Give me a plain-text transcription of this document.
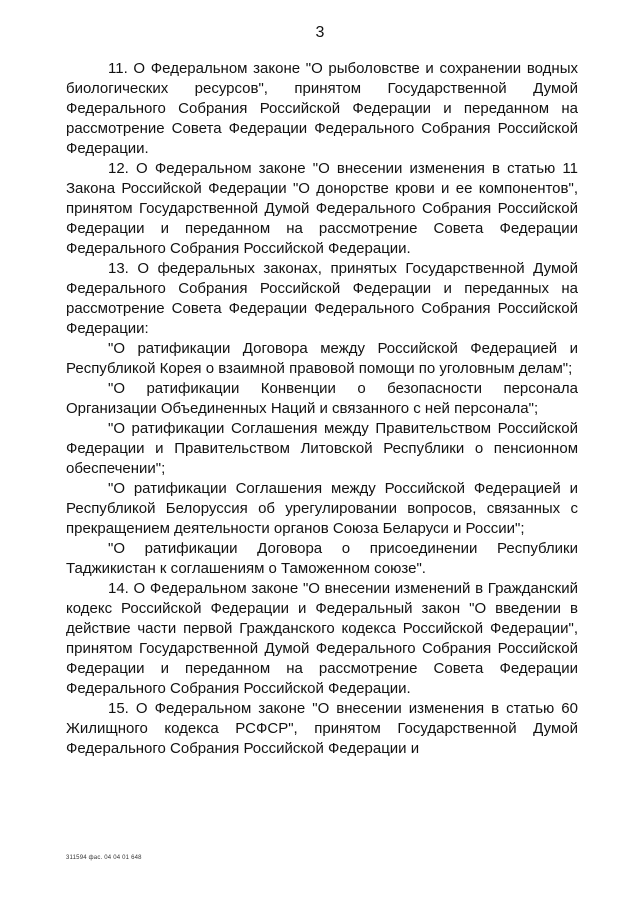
3

11. О Федеральном законе "О рыболовстве и сохранении водных биологических ресурсов", принятом Государственной Думой Федерального Собрания Российской Федерации и переданном на рассмотрение Совета Федерации Федерального Собрания Российской Федерации.

12. О Федеральном законе "О внесении изменения в статью 11 Закона Российской Федерации "О донорстве крови и ее компонентов", принятом Государственной Думой Федерального Собрания Российской Федерации и переданном на рассмотрение Совета Федерации Федерального Собрания Российской Федерации.

13. О федеральных законах, принятых Государственной Думой Федерального Собрания Российской Федерации и переданных на рассмотрение Совета Федерации Федерального Собрания Российской Федерации:

"О ратификации Договора между Российской Федерацией и Республикой Корея о взаимной правовой помощи по уголовным делам";

"О ратификации Конвенции о безопасности персонала Организации Объединенных Наций и связанного с ней персонала";

"О ратификации Соглашения между Правительством Российской Федерации и Правительством Литовской Республики о пенсионном обеспечении";

"О ратификации Соглашения между Российской Федерацией и Республикой Белоруссия об урегулировании вопросов, связанных с прекращением деятельности органов Союза Беларуси и России";

"О ратификации Договора о присоединении Республики Таджикистан к соглашениям о Таможенном союзе".

14. О Федеральном законе "О внесении изменений в Гражданский кодекс Российской Федерации и Федеральный закон "О введении в действие части первой Гражданского кодекса Российской Федерации", принятом Государственной Думой Федерального Собрания Российской Федерации и переданном на рассмотрение Совета Федерации Федерального Собрания Российской Федерации.

15. О Федеральном законе "О внесении изменения в статью 60 Жилищного кодекса РСФСР", принятом Государственной Думой Федерального Собрания Российской Федерации и

311594 фас. 04 04 01 648
